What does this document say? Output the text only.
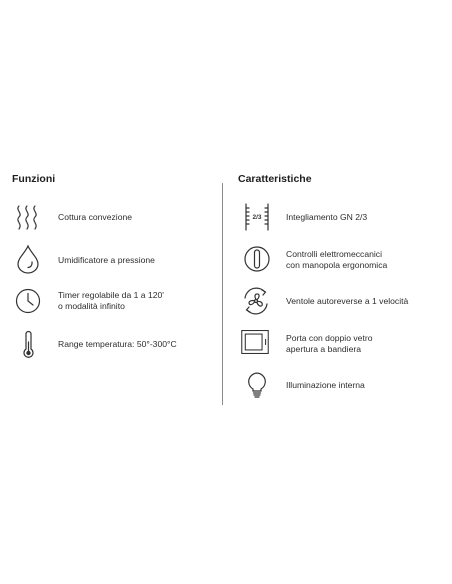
Funzioni
Cottura convezione
Umidificatore a pressione
Timer regolabile da 1 a 120'
o modalità infinito
Range temperatura: 50°-300°C
Caratteristiche
2/3	Integliamento GN 2/3
Controlli elettromeccanici
con manopola ergonomica
Ventole autoreverse a 1 velocità
Porta con doppio vetro
apertura a bandiera
Illuminazione interna
